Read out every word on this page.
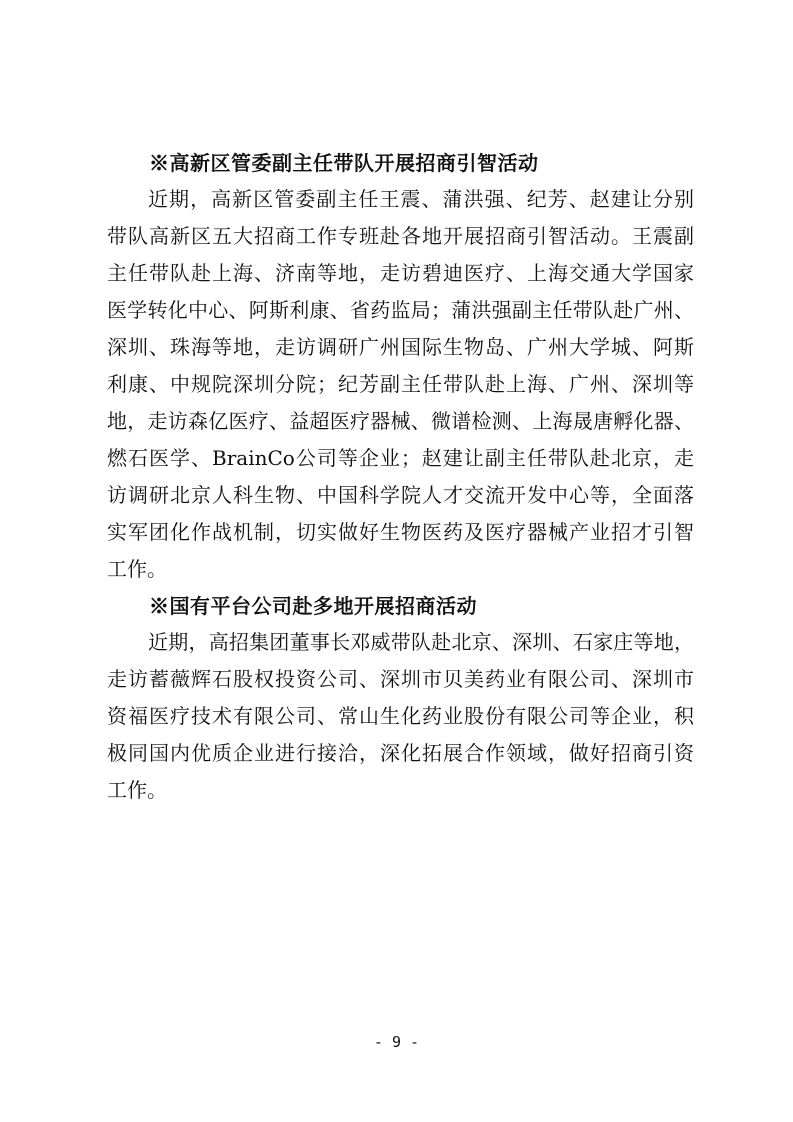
※高新区管委副主任带队开展招商引智活动

近期，高新区管委副主任王震、蒲洪强、纪芳、赵建让分别
带队高新区五大招商工作专班赴各地开展招商引智活动。王震副
主任带队赴上海、济南等地，走访碧迪医疗、上海交通大学国家
医学转化中心、阿斯利康、省药监局；蒲洪强副主任带队赴广州、
深圳、珠海等地，走访调研广州国际生物岛、广州大学城、阿斯
利康、中规院深圳分院；纪芳副主任带队赴上海、广州、深圳等
地，走访森亿医疗、益超医疗器械、微谱检测、上海晟唐孵化器、
燃石医学、BrainCo公司等企业；赵建让副主任带队赴北京，走
访调研北京人科生物、中国科学院人才交流开发中心等，全面落
实军团化作战机制，切实做好生物医药及医疗器械产业招才引智
工作。

※国有平台公司赴多地开展招商活动

近期，高招集团董事长邓威带队赴北京、深圳、石家庄等地，
走访蓄薇辉石股权投资公司、深圳市贝美药业有限公司、深圳市
资福医疗技术有限公司、常山生化药业股份有限公司等企业，积
极同国内优质企业进行接洽，深化拓展合作领域，做好招商引资
工作。

- 9 -
